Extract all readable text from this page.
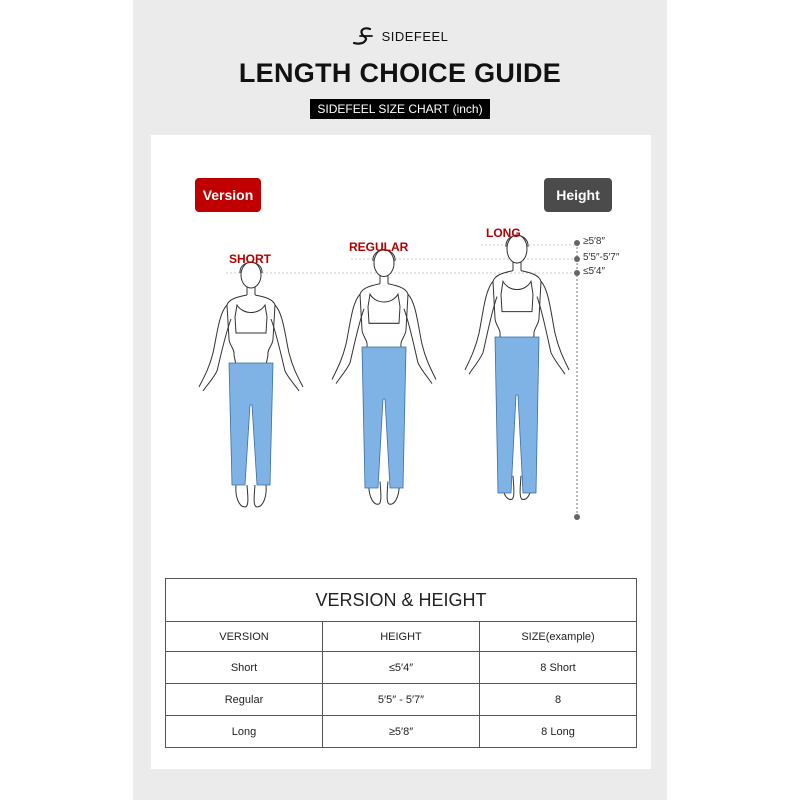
SIDEFEEL
LENGTH CHOICE GUIDE
SIDEFEEL SIZE CHART (inch)
Version	Height
SHORT
REGULAR
LONG
≥5′8″
5′5″-5′7″
≤5′4″
VERSION & HEIGHT		
VERSION	HEIGHT	SIZE(example)
Short	≤5′4″	8 Short
Regular	5′5″ - 5′7″	8
Long	≥5′8″	8 Long
